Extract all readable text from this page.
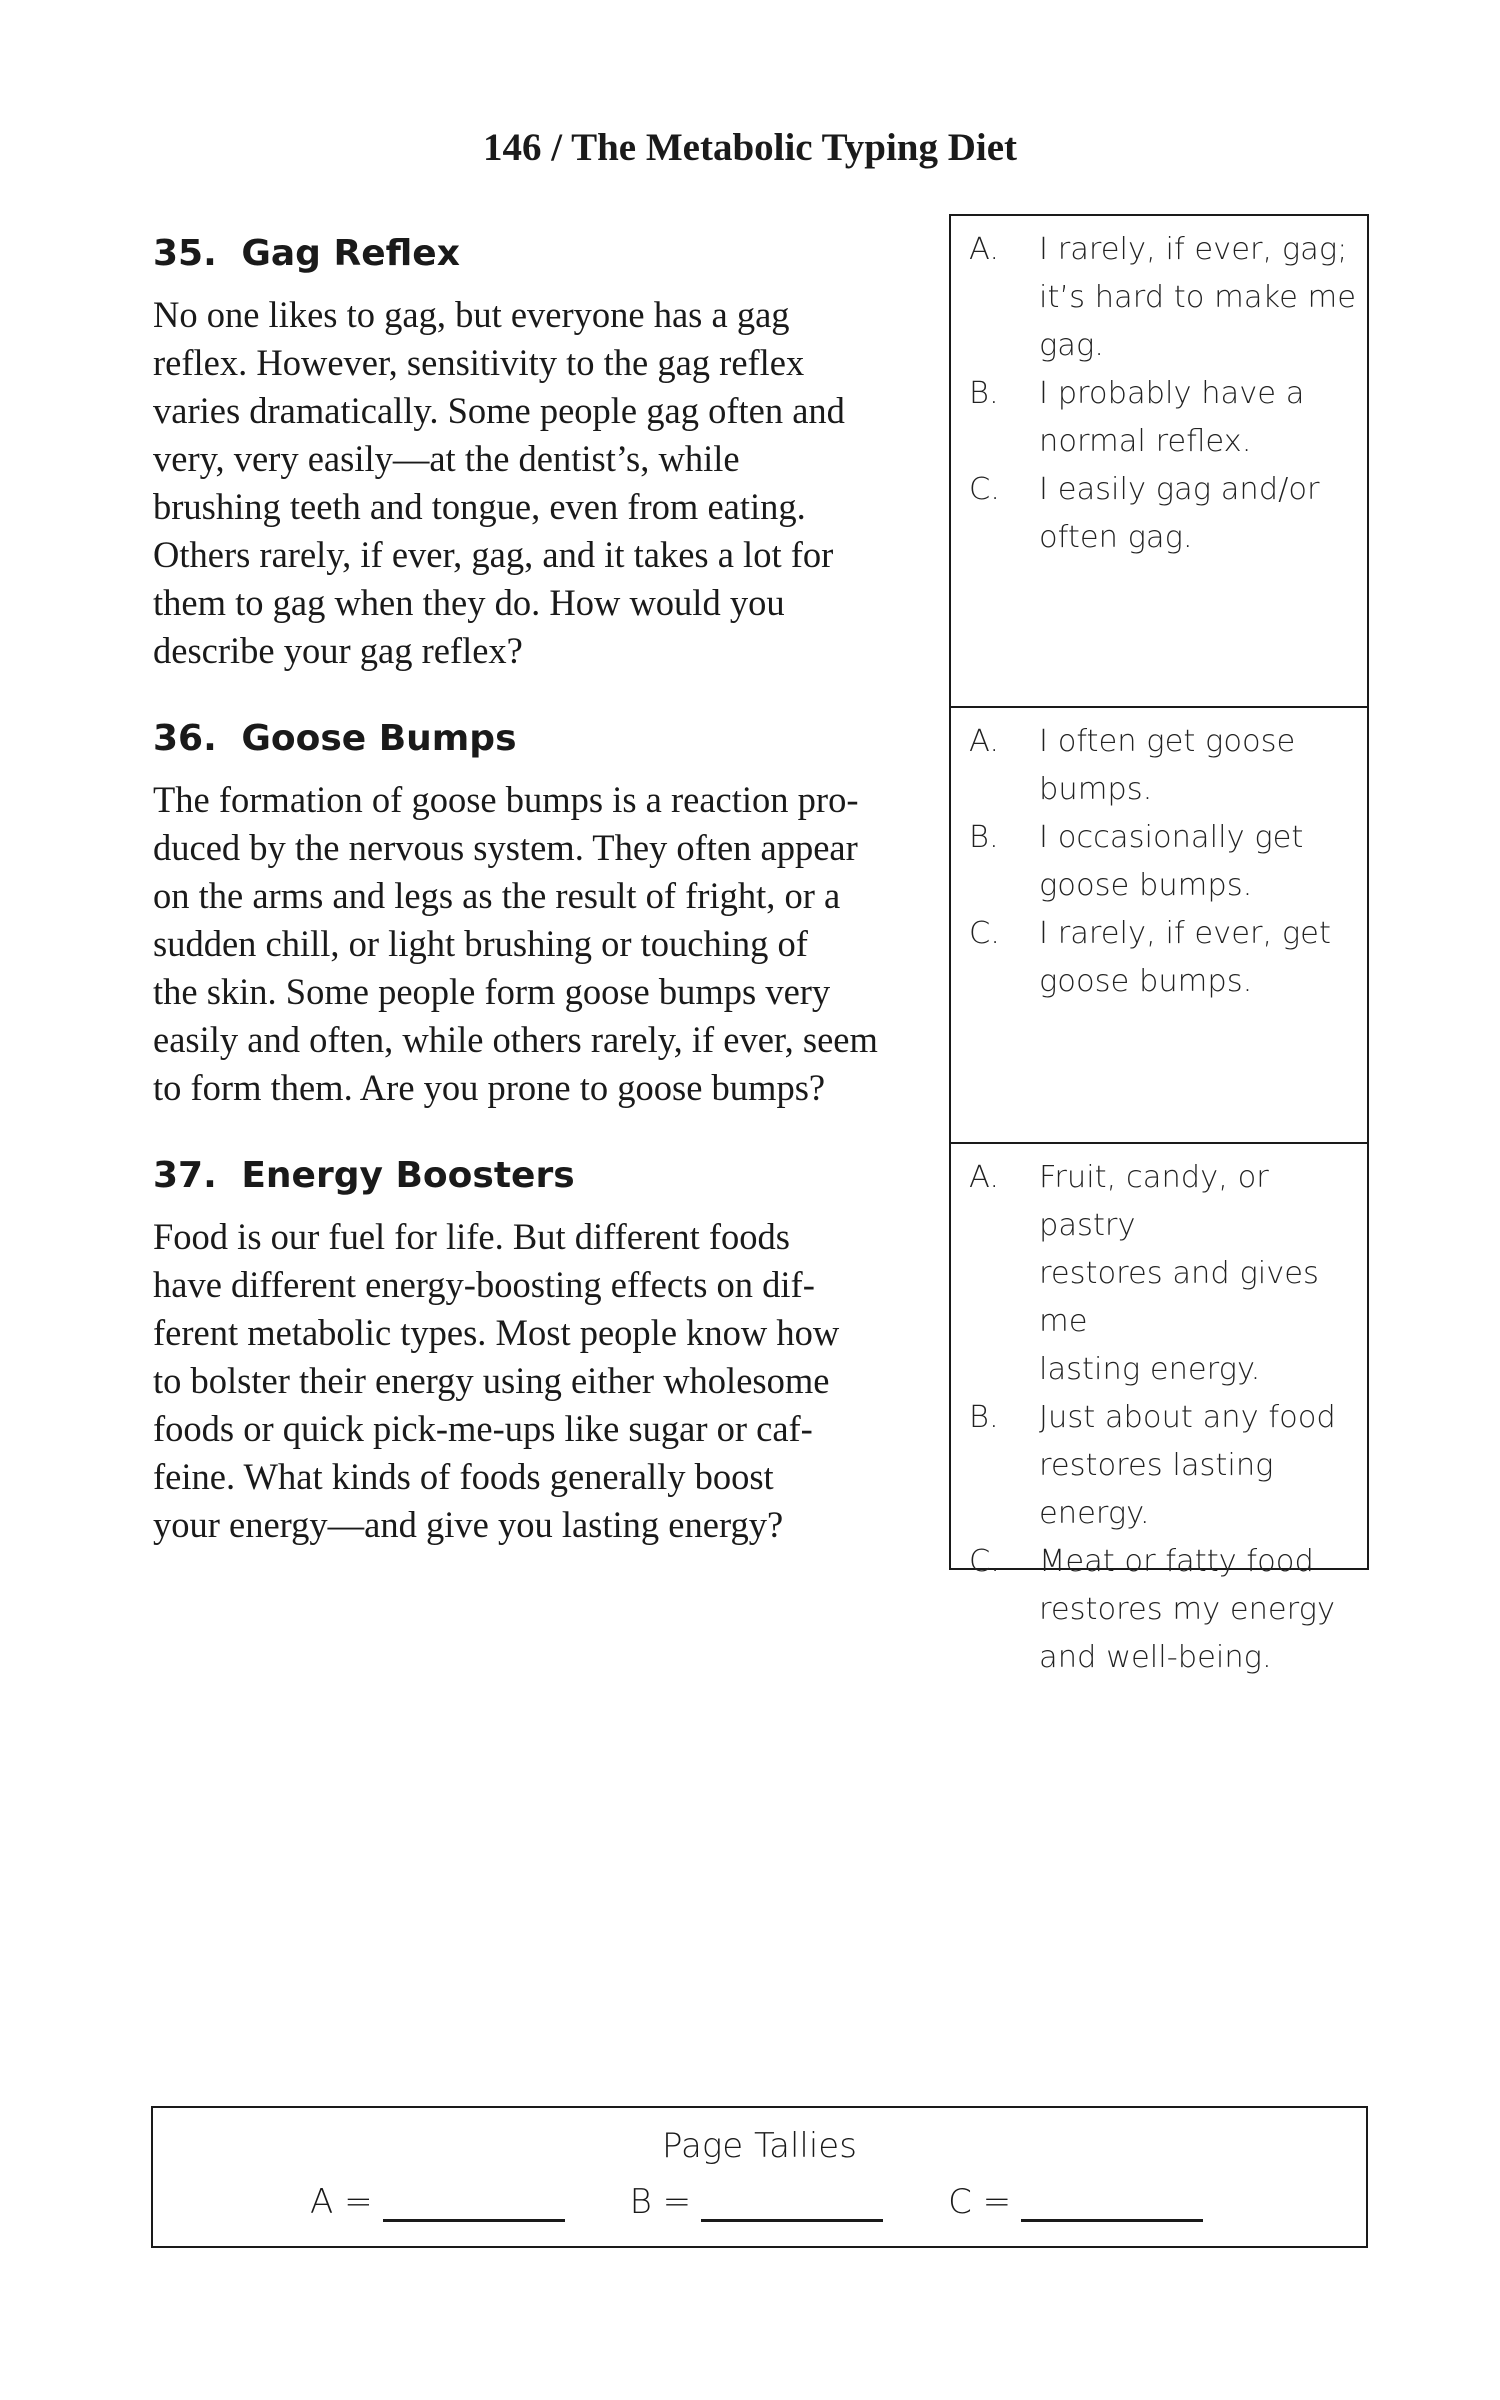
146 / The Metabolic Typing Diet
35. Gag Reflex
No one likes to gag, but everyone has a gag
reflex. However, sensitivity to the gag reflex
varies dramatically. Some people gag often and
very, very easily—at the dentist’s, while
brushing teeth and tongue, even from eating.
Others rarely, if ever, gag, and it takes a lot for
them to gag when they do. How would you
describe your gag reflex?
A.	I rarely, if ever, gag;
it’s hard to make me
gag.
B.	I probably have a
normal reflex.
C.	I easily gag and/or
often gag.
36. Goose Bumps
The formation of goose bumps is a reaction pro-
duced by the nervous system. They often appear
on the arms and legs as the result of fright, or a
sudden chill, or light brushing or touching of
the skin. Some people form goose bumps very
easily and often, while others rarely, if ever, seem
to form them. Are you prone to goose bumps?
A.	I often get goose
bumps.
B.	I occasionally get
goose bumps.
C.	I rarely, if ever, get
goose bumps.
37. Energy Boosters
Food is our fuel for life. But different foods
have different energy-boosting effects on dif-
ferent metabolic types. Most people know how
to bolster their energy using either wholesome
foods or quick pick-me-ups like sugar or caf-
feine. What kinds of foods generally boost
your energy—and give you lasting energy?
A.	Fruit, candy, or pastry
restores and gives me
lasting energy.
B.	Just about any food
restores lasting energy.
C.	Meat or fatty food
restores my energy
and well-being.
Page Tallies
A =	B =	C =
